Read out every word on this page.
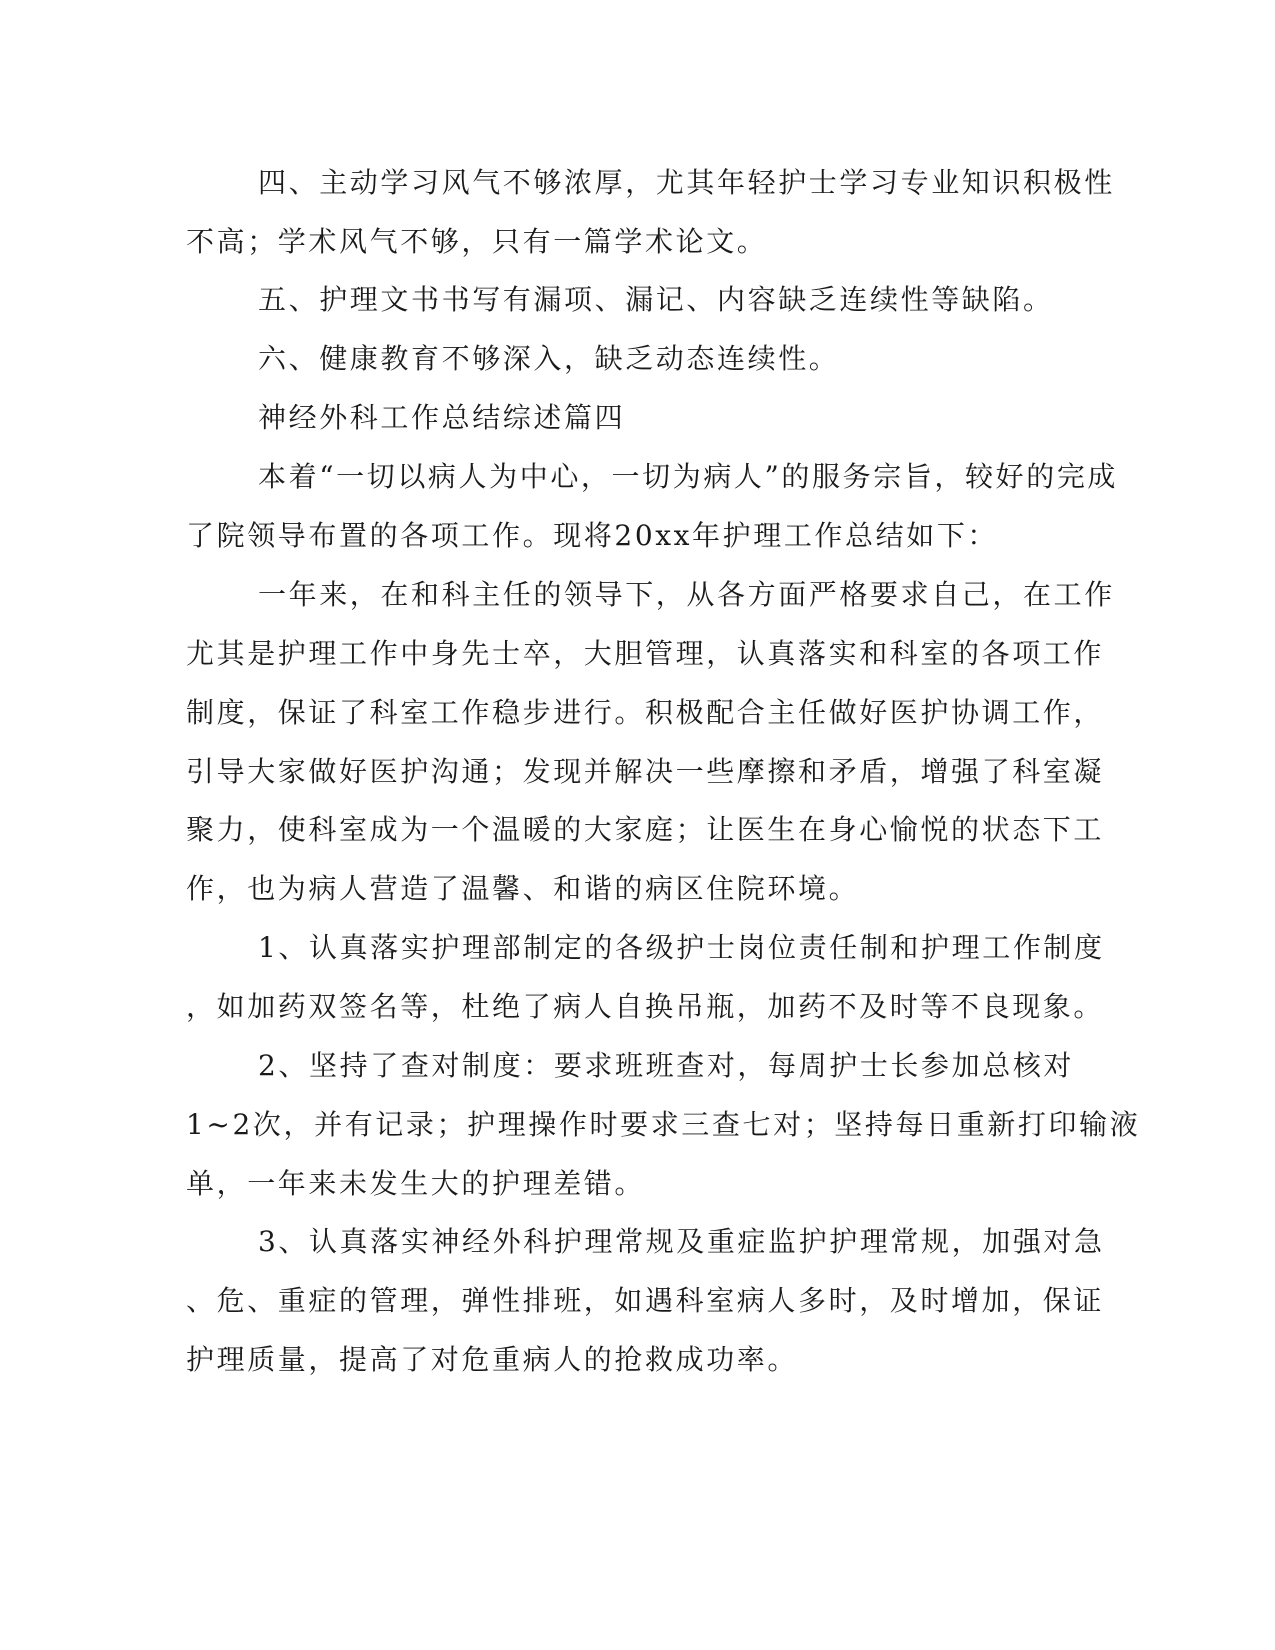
四、主动学习风气不够浓厚，尤其年轻护士学习专业知识积极性
不高；学术风气不够，只有一篇学术论文。
五、护理文书书写有漏项、漏记、内容缺乏连续性等缺陷。
六、健康教育不够深入，缺乏动态连续性。
神经外科工作总结综述篇四
本着“一切以病人为中心，一切为病人”的服务宗旨，较好的完成
了院领导布置的各项工作。现将20xx年护理工作总结如下：
一年来，在和科主任的领导下，从各方面严格要求自己，在工作
尤其是护理工作中身先士卒，大胆管理，认真落实和科室的各项工作
制度，保证了科室工作稳步进行。积极配合主任做好医护协调工作，
引导大家做好医护沟通；发现并解决一些摩擦和矛盾，增强了科室凝
聚力，使科室成为一个温暖的大家庭；让医生在身心愉悦的状态下工
作，也为病人营造了温馨、和谐的病区住院环境。
1、认真落实护理部制定的各级护士岗位责任制和护理工作制度
，如加药双签名等，杜绝了病人自换吊瓶，加药不及时等不良现象。
2、坚持了查对制度：要求班班查对，每周护士长参加总核对
1~2次，并有记录；护理操作时要求三查七对；坚持每日重新打印输液
单，一年来未发生大的护理差错。
3、认真落实神经外科护理常规及重症监护护理常规，加强对急
、危、重症的管理，弹性排班，如遇科室病人多时，及时增加，保证
护理质量，提高了对危重病人的抢救成功率。
